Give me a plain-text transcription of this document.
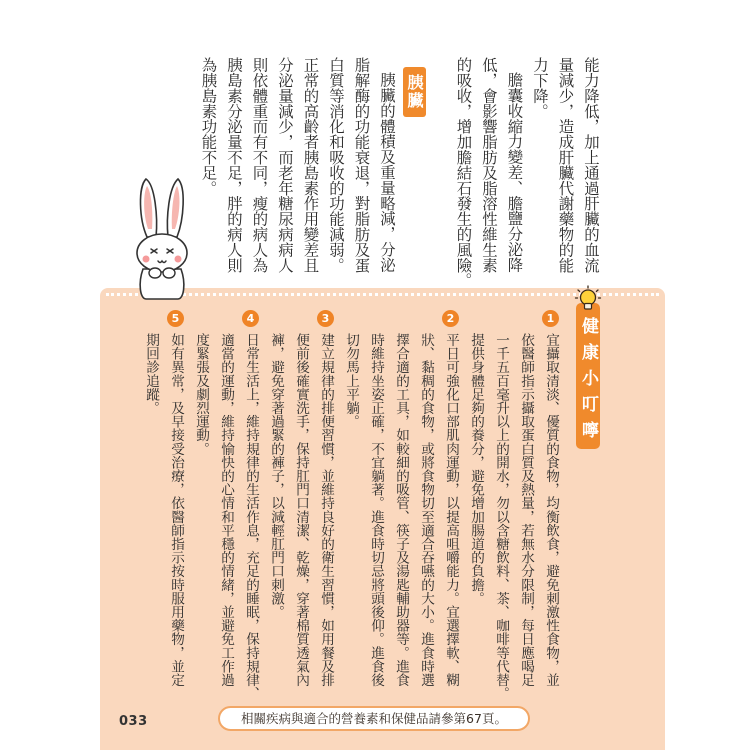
能力降低，加上通過肝臟的血流
量減少，造成肝臟代謝藥物的能
力下降。
膽囊收縮力變差、膽鹽分泌降
低，會影響脂肪及脂溶性維生素
的吸收，增加膽結石發生的風險。
胰臟
胰臟的體積及重量略減，分泌
脂解酶的功能衰退，對脂肪及蛋
白質等消化和吸收的功能減弱。
正常的高齡者胰島素作用變差且
分泌量減少，而老年糖尿病病人
則依體重而有不同，瘦的病人為
胰島素分泌量不足，胖的病人則
為胰島素功能不足。
健康小叮嚀
1
宜攝取清淡、優質的食物，均衡飲食，避免刺激性食物，並
依醫師指示攝取蛋白質及熱量，若無水分限制，每日應喝足
一千五百毫升以上的開水，勿以含糖飲料、茶、咖啡等代替。
提供身體足夠的養分，避免增加腸道的負擔。
2
平日可強化口部肌肉運動，以提高咀嚼能力。宜選擇軟、糊
狀、黏稠的食物，或將食物切至適合吞嚥的大小。進食時選
擇合適的工具，如較細的吸管、筷子及湯匙輔助器等。進食
時維持坐姿正確，不宜躺著。進食時切忌將頭後仰。進食後
切勿馬上平躺。
3
建立規律的排便習慣，並維持良好的衛生習慣，如用餐及排
便前後確實洗手，保持肛門口清潔、乾燥，穿著棉質透氣內
褲，避免穿著過緊的褲子，以減輕肛門口刺激。
4
日常生活上，維持規律的生活作息，充足的睡眠，保持規律、
適當的運動，維持愉快的心情和平穩的情緒，並避免工作過
度緊張及劇烈運動。
5
如有異常，及早接受治療，依醫師指示按時服用藥物，並定
期回診追蹤。
033	相關疾病與適合的營養素和保健品請參第67頁。
